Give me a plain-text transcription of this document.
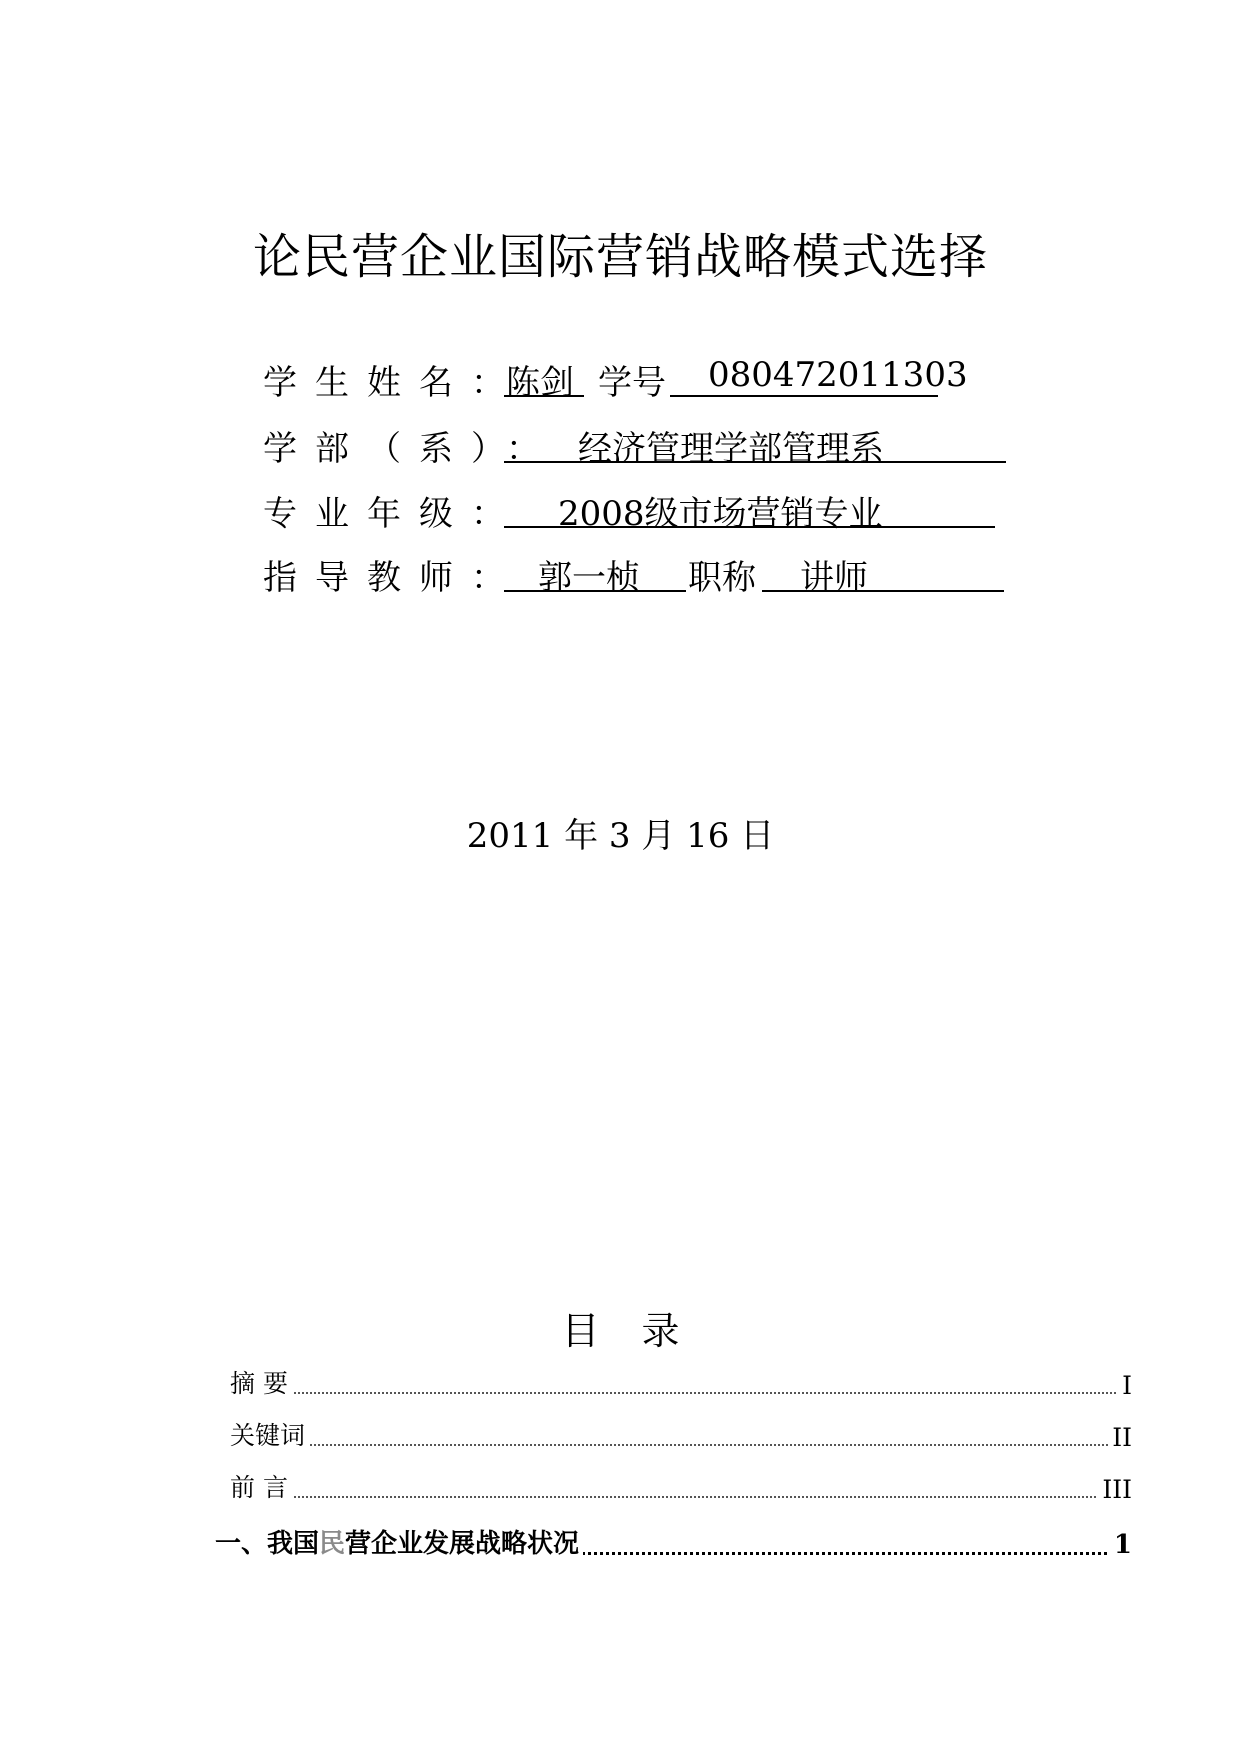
论民营企业国际营销战略模式选择
学生姓名：
陈剑 学号 080472011303
学部（系）： 经济管理学部管理系
专业年级： 2008级市场营销专业
指导教师： 郭一桢 职称 讲师
2011 年 3 月 16 日
目 录
摘 要	I
关键词	II
前 言	III
一、我国民营企业发展战略状况	1
